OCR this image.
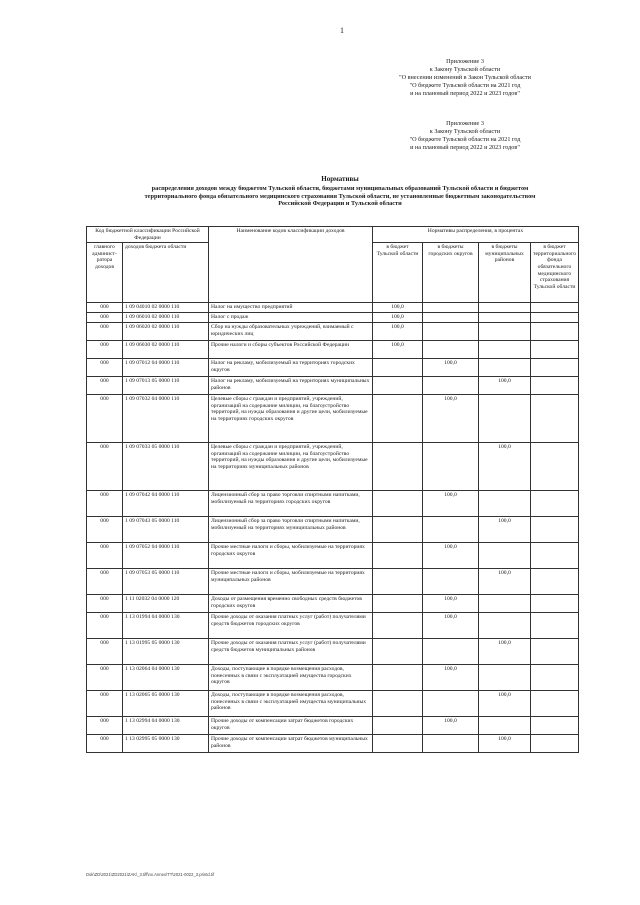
1
Приложение 3
к Закону Тульской области
"О внесении изменений в Закон Тульской области
"О бюджете Тульской области на 2021 год
и на плановый период 2022 и 2023 годов"
Приложение 3
к Закону Тульской области
"О бюджете Тульской области на 2021 год
и на плановый период 2022 и 2023 годов"
Нормативы
распределения доходов между бюджетом Тульской области, бюджетами муниципальных образований Тульской области и бюджетом
территориального фонда обязательного медицинского страхования Тульской области, не установленные бюджетным законодательством
Российской Федерации и Тульской области
Код бюджетной классификации Российской Федерации		Наименование кодов классификации доходов	Нормативы распределения, в процентах			
главного админист-ратора доходов	доходов бюджета области		в бюджет Тульской области	в бюджеты городских округов	в бюджеты муниципальных районов	в бюджет территориального фонда обязательного медицинского страхования Тульской области
000	1 09 04010 02 0000 110	Налог на имущество предприятий	100,0			
000	1 09 06010 02 0000 110	Налог с продаж	100,0			
000	1 09 06020 02 0000 110	Сбор на нужды образовательных учреждений, взимаемый с юридических лиц	100,0			
000	1 09 06030 02 0000 110	Прочие налоги и сборы субъектов Российской Федерации	100,0			
000	1 09 07012 04 0000 110	Налог на рекламу, мобилизуемый на территориях городских округов		100,0		
000	1 09 07013 05 0000 110	Налог на рекламу, мобилизуемый на территориях муниципальных районов			100,0	
000	1 09 07032 04 0000 110	Целевые сборы с граждан и предприятий, учреждений, организаций на содержание милиции, на благоустройство территорий, на нужды образования и другие цели, мобилизуемые на территориях городских округов		100,0		
000	1 09 07033 05 0000 110	Целевые сборы с граждан и предприятий, учреждений, организаций на содержание милиции, на благоустройство территорий, на нужды образования и другие цели, мобилизуемые на территориях муниципальных районов			100,0	
000	1 09 07042 04 0000 110	Лицензионный сбор за право торговли спиртными напитками, мобилизуемый на территориях городских округов		100,0		
000	1 09 07043 05 0000 110	Лицензионный сбор за право торговли спиртными напитками, мобилизуемый на территориях муниципальных районов			100,0	
000	1 09 07052 04 0000 110	Прочие местные налоги и сборы, мобилизуемые на территориях городских округов		100,0		
000	1 09 07053 05 0000 110	Прочие местные налоги и сборы, мобилизуемые на территориях муниципальных районов			100,0	
000	1 11 02032 04 0000 120	Доходы от размещения временно свободных средств бюджетов городских округов		100,0		
000	1 13 01994 04 0000 130	Прочие доходы от оказания платных услуг (работ) получателями средств бюджетов городских округов		100,0		
000	1 13 01995 05 0000 130	Прочие доходы от оказания платных услуг (работ) получателями средств бюджетов муниципальных районов			100,0	
000	1 13 02064 04 0000 130	Доходы, поступающие в порядке возмещения расходов, понесенных в связи с эксплуатацией имущества городских округов		100,0		
000	1 13 02065 05 0000 130	Доходы, поступающие в порядке возмещения расходов, понесенных в связи с эксплуатацией имущества муниципальных районов			100,0	
000	1 13 02994 04 0000 130	Прочие доходы от компенсации затрат бюджетов городских округов		100,0		
000	1 13 02995 05 0000 130	Прочие доходы от компенсации затрат бюджетов муниципальных районов			100,0	
Dok\ZD\2021\ZD2021\ZAK\_3.tiff\nx.Annex\TT\2021-0022_3.printd.tif
